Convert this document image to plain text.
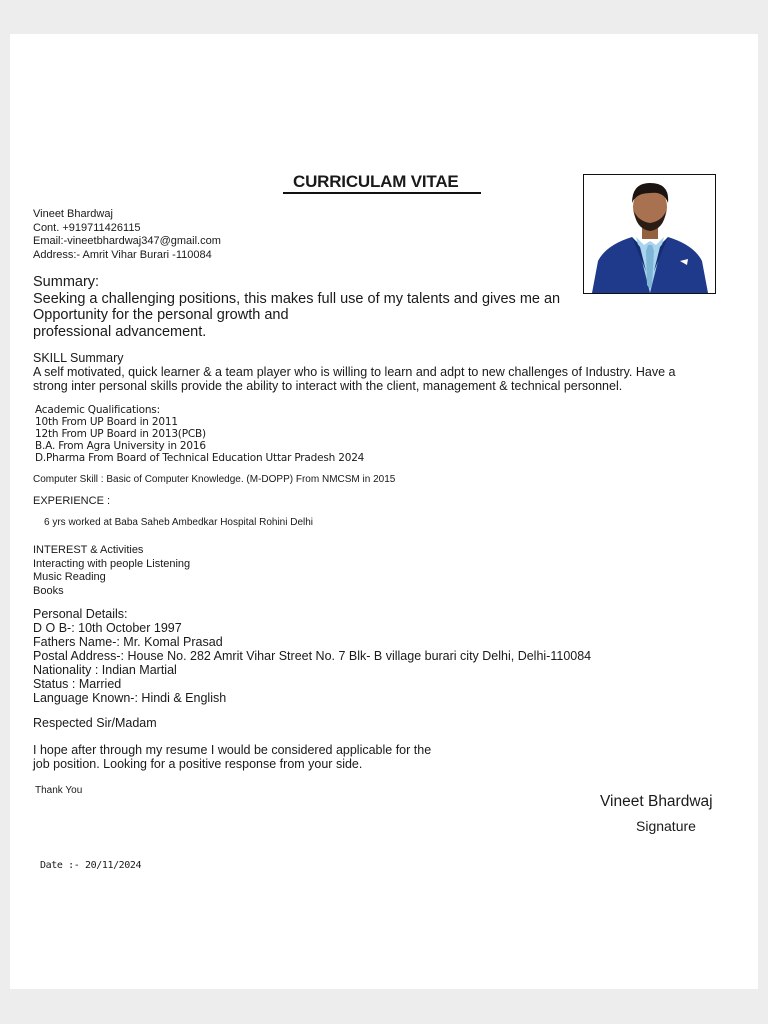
CURRICULAM VITAE
Vineet Bhardwaj
Cont. +919711426115
Email:-vineetbhardwaj347@gmail.com
Address:- Amrit Vihar Burari -110084
Summary:
Seeking a challenging positions, this makes full use of my talents and gives me an
Opportunity for the personal growth and
professional advancement.
SKILL Summary
A self motivated, quick learner & a team player who is willing to learn and adpt to new challenges of Industry. Have a
strong inter personal skills provide the ability to interact with the client, management & technical personnel.
Academic Qualifications:
10th From UP Board in 2011
12th From UP Board in 2013(PCB)
B.A. From Agra University in 2016
D.Pharma From Board of Technical Education Uttar Pradesh 2024
Computer Skill : Basic of Computer Knowledge. (M-DOPP) From NMCSM in 2015
EXPERIENCE :
6 yrs worked at Baba Saheb Ambedkar Hospital Rohini Delhi
INTEREST & Activities
Interacting with people Listening
Music Reading
Books
Personal Details:
D O B-: 10th October 1997
Fathers Name-: Mr. Komal Prasad
Postal Address-: House No. 282 Amrit Vihar Street No. 7 Blk- B village burari city Delhi, Delhi-110084
Nationality : Indian Martial
Status : Married
Language Known-: Hindi & English
Respected Sir/Madam
I hope after through my resume I would be considered applicable for the
job position. Looking for a positive response from your side.
Thank You
Vineet Bhardwaj
Signature
Date :- 20/11/2024
